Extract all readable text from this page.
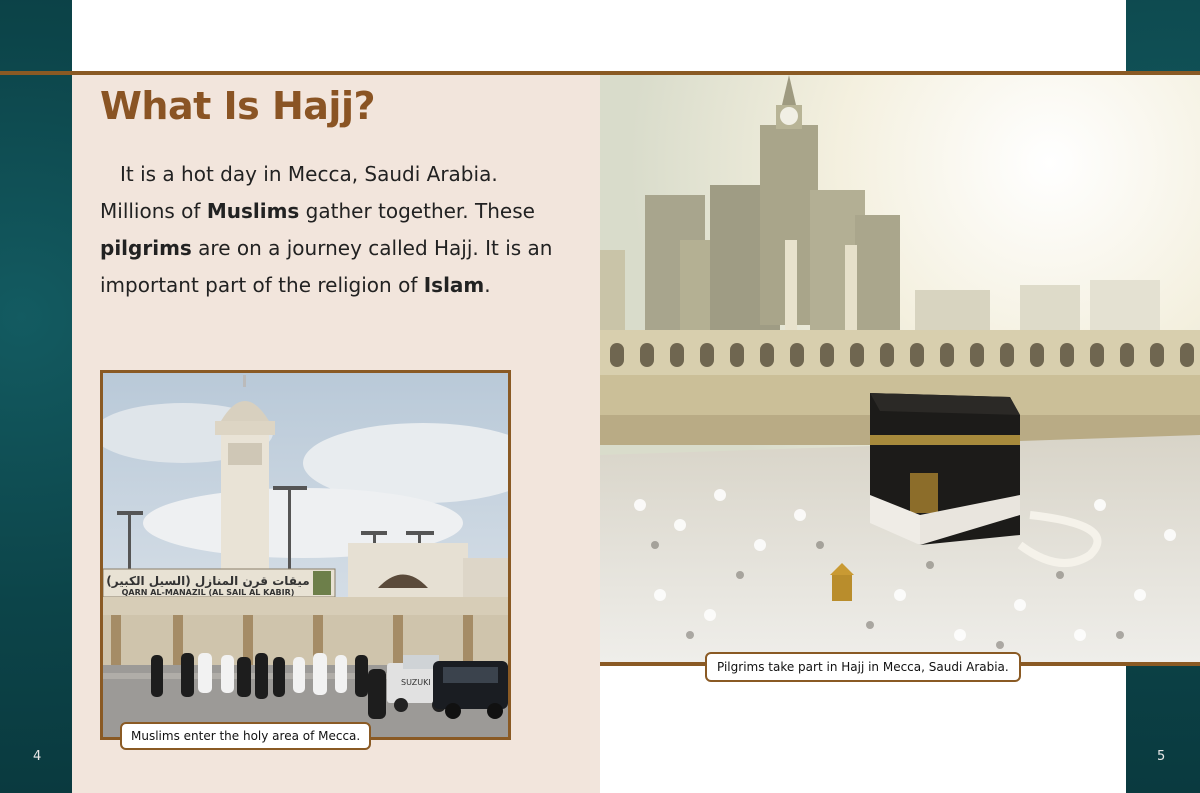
What Is Hajj?

It is a hot day in Mecca, Saudi Arabia. Millions of Muslims gather together. These pilgrims are on a journey called Hajj. It is an important part of the religion of Islam.

ميقات قرن المنازل (السيل الكبير)
QARN AL-MANAZIL (AL SAIL AL KABIR)
SUZUKI
Muslims enter the holy area of Mecca.
Pilgrims take part in Hajj in Mecca, Saudi Arabia.
4	5
